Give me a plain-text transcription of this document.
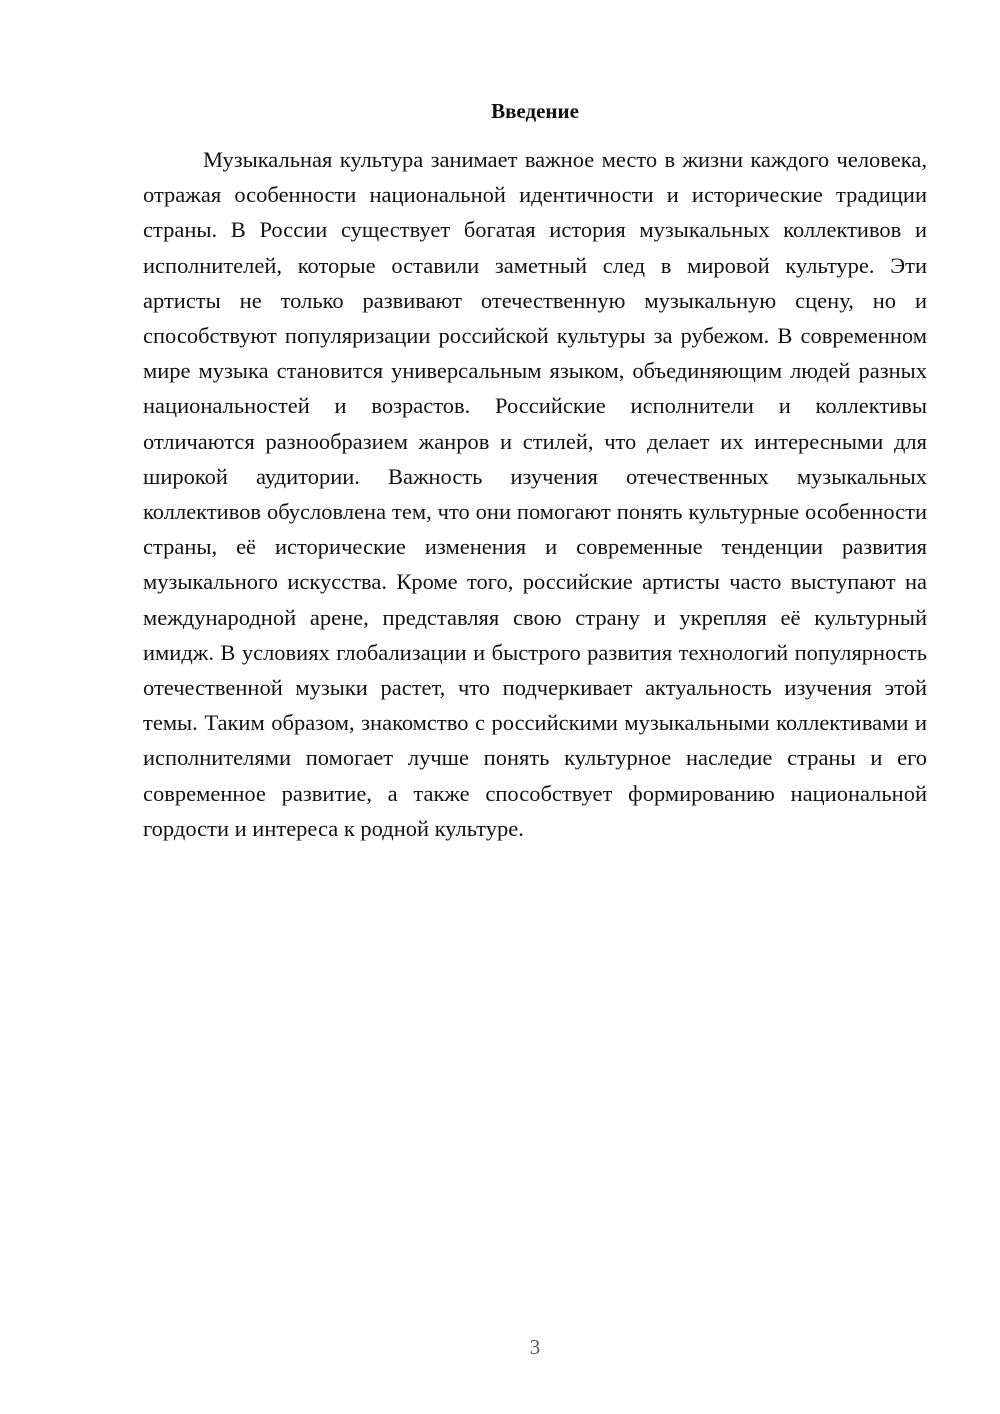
Введение

Музыкальная культура занимает важное место в жизни каждого человека, отражая особенности национальной идентичности и исторические традиции страны. В России существует богатая история музыкальных коллективов и исполнителей, которые оставили заметный след в мировой культуре. Эти артисты не только развивают отечественную музыкальную сцену, но и способствуют популяризации российской культуры за рубежом. В современном мире музыка становится универсальным языком, объединяющим людей разных национальностей и возрастов. Российские исполнители и коллективы отличаются разнообразием жанров и стилей, что делает их интересными для широкой аудитории. Важность изучения отечественных музыкальных коллективов обусловлена тем, что они помогают понять культурные особенности страны, её исторические изменения и современные тенденции развития музыкального искусства. Кроме того, российские артисты часто выступают на международной арене, представляя свою страну и укрепляя её культурный имидж. В условиях глобализации и быстрого развития технологий популярность отечественной музыки растет, что подчеркивает актуальность изучения этой темы. Таким образом, знакомство с российскими музыкальными коллективами и исполнителями помогает лучше понять культурное наследие страны и его современное развитие, а также способствует формированию национальной гордости и интереса к родной культуре.

3
